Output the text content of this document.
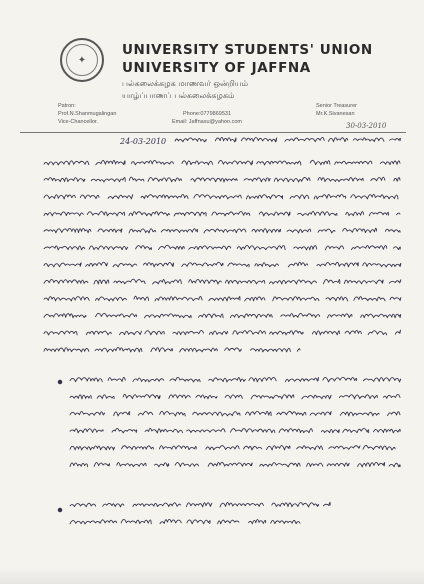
✦
UNIVERSITY STUDENTS' UNION
UNIVERSITY OF JAFFNA
பல்கலைக்கழக மாணவர் ஒன்றியம்
யாழ்ப்பாணப் பல்கலைக்கழகம்
Patron:
Prof.N.Shanmugalingan
Vice-Chancellor.
Phone:0779869531
Email: Jaffnasu@yahoo.com
Senior Treasurer
Mr.K.Sivanesan
30-03-2010
24-03-2010
